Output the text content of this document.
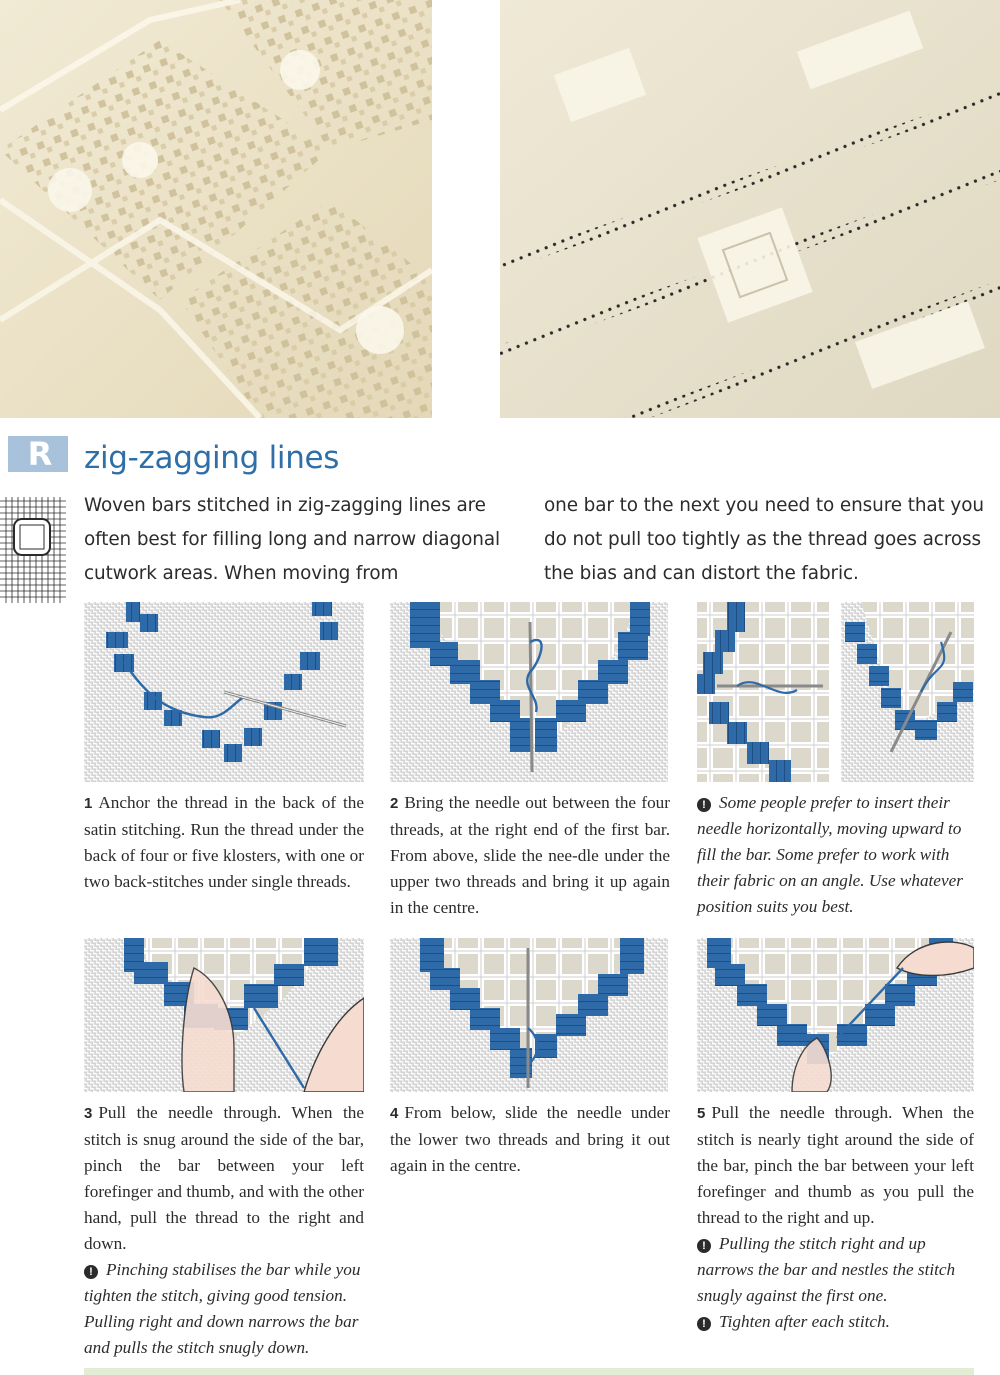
R	zig-zagging lines
Woven bars stitched in zig-zagging lines are often best for filling long and narrow diagonal cutwork areas. When moving from
one bar to the next you need to ensure that you do not pull too tightly as the thread goes across the bias and can distort the fabric.
1 Anchor the thread in the back of the satin stitching. Run the thread under the back of four or five klosters, with one or two back-stitches under single threads.
2 Bring the needle out between the four threads, at the right end of the first bar. From above, slide the nee-dle under the upper two threads and bring it up again in the centre.
! Some people prefer to insert their needle horizontally, moving upward to fill the bar. Some prefer to work with their fabric on an angle. Use whatever position suits you best.
3 Pull the needle through. When the stitch is snug around the side of the bar, pinch the bar between your left forefinger and thumb, and with the other hand, pull the thread to the right and down.
! Pinching stabilises the bar while you tighten the stitch, giving good tension. Pulling right and down narrows the bar and pulls the stitch snugly down.
4 From below, slide the needle under the lower two threads and bring it out again in the centre.
5 Pull the needle through. When the stitch is nearly tight around the side of the bar, pinch the bar between your left forefinger and thumb as you pull the thread to the right and up.
! Pulling the stitch right and up narrows the bar and nestles the stitch snugly against the first one.
! Tighten after each stitch.
